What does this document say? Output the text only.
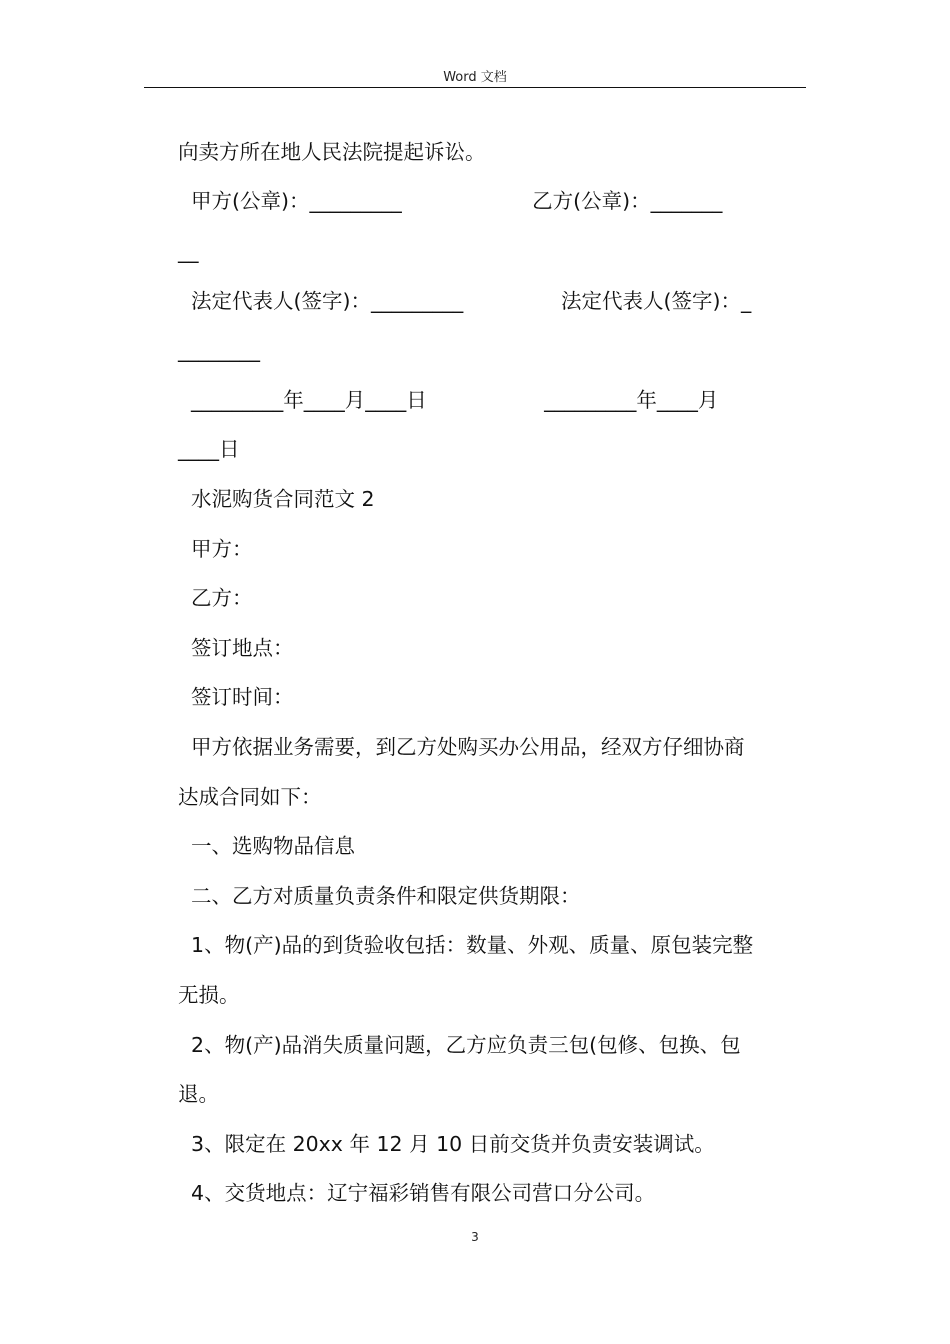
Word 文档
向卖方所在地人民法院提起诉讼。
甲方(公章)：_________                    乙方(公章)：_______
__
法定代表人(签字)：_________               法定代表人(签字)：_
________
_________年____月____日                  _________年____月
____日
水泥购货合同范文 2
甲方：
乙方：
签订地点：
签订时间：
甲方依据业务需要，到乙方处购买办公用品，经双方仔细协商
达成合同如下：
一、选购物品信息
二、乙方对质量负责条件和限定供货期限：
1、物(产)品的到货验收包括：数量、外观、质量、原包装完整
无损。
2、物(产)品消失质量问题，乙方应负责三包(包修、包换、包
退。
3、限定在 20xx 年 12 月 10 日前交货并负责安装调试。
4、交货地点：辽宁福彩销售有限公司营口分公司。
3
